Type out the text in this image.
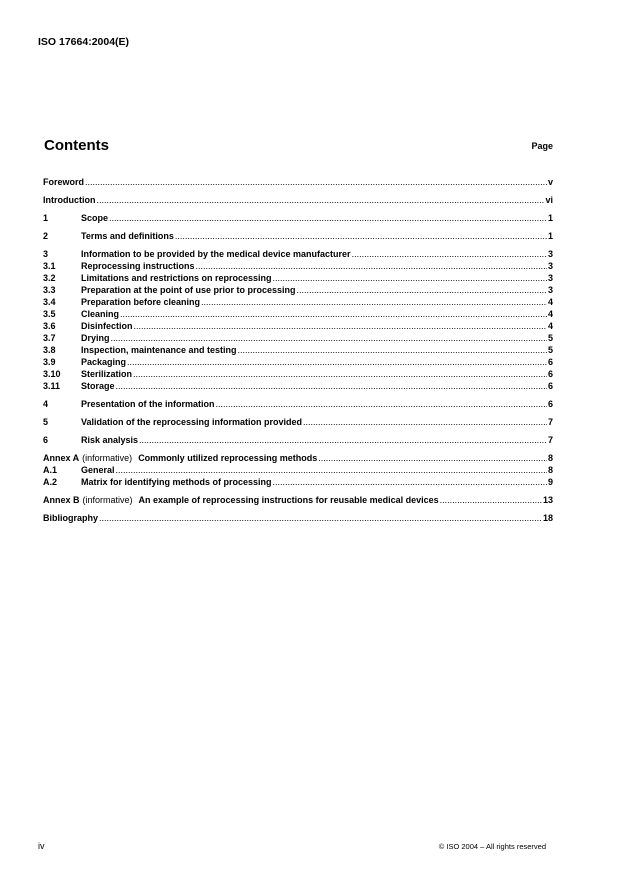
ISO 17664:2004(E)
Contents	Page
Foreword .....	v
Introduction .....	vi
1	Scope .....	1
2	Terms and definitions .....	1
3	Information to be provided by the medical device manufacturer .....	3
3.1	Reprocessing instructions .....	3
3.2	Limitations and restrictions on reprocessing .....	3
3.3	Preparation at the point of use prior to processing .....	3
3.4	Preparation before cleaning .....	4
3.5	Cleaning .....	4
3.6	Disinfection .....	4
3.7	Drying .....	5
3.8	Inspection, maintenance and testing .....	5
3.9	Packaging .....	6
3.10	Sterilization .....	6
3.11	Storage .....	6
4	Presentation of the information .....	6
5	Validation of the reprocessing information provided .....	7
6	Risk analysis .....	7
Annex A (informative) Commonly utilized reprocessing methods .....	8
A.1	General .....	8
A.2	Matrix for identifying methods of processing .....	9
Annex B (informative) An example of reprocessing instructions for reusable medical devices .....	13
Bibliography .....	18
iv	© ISO 2004 – All rights reserved
